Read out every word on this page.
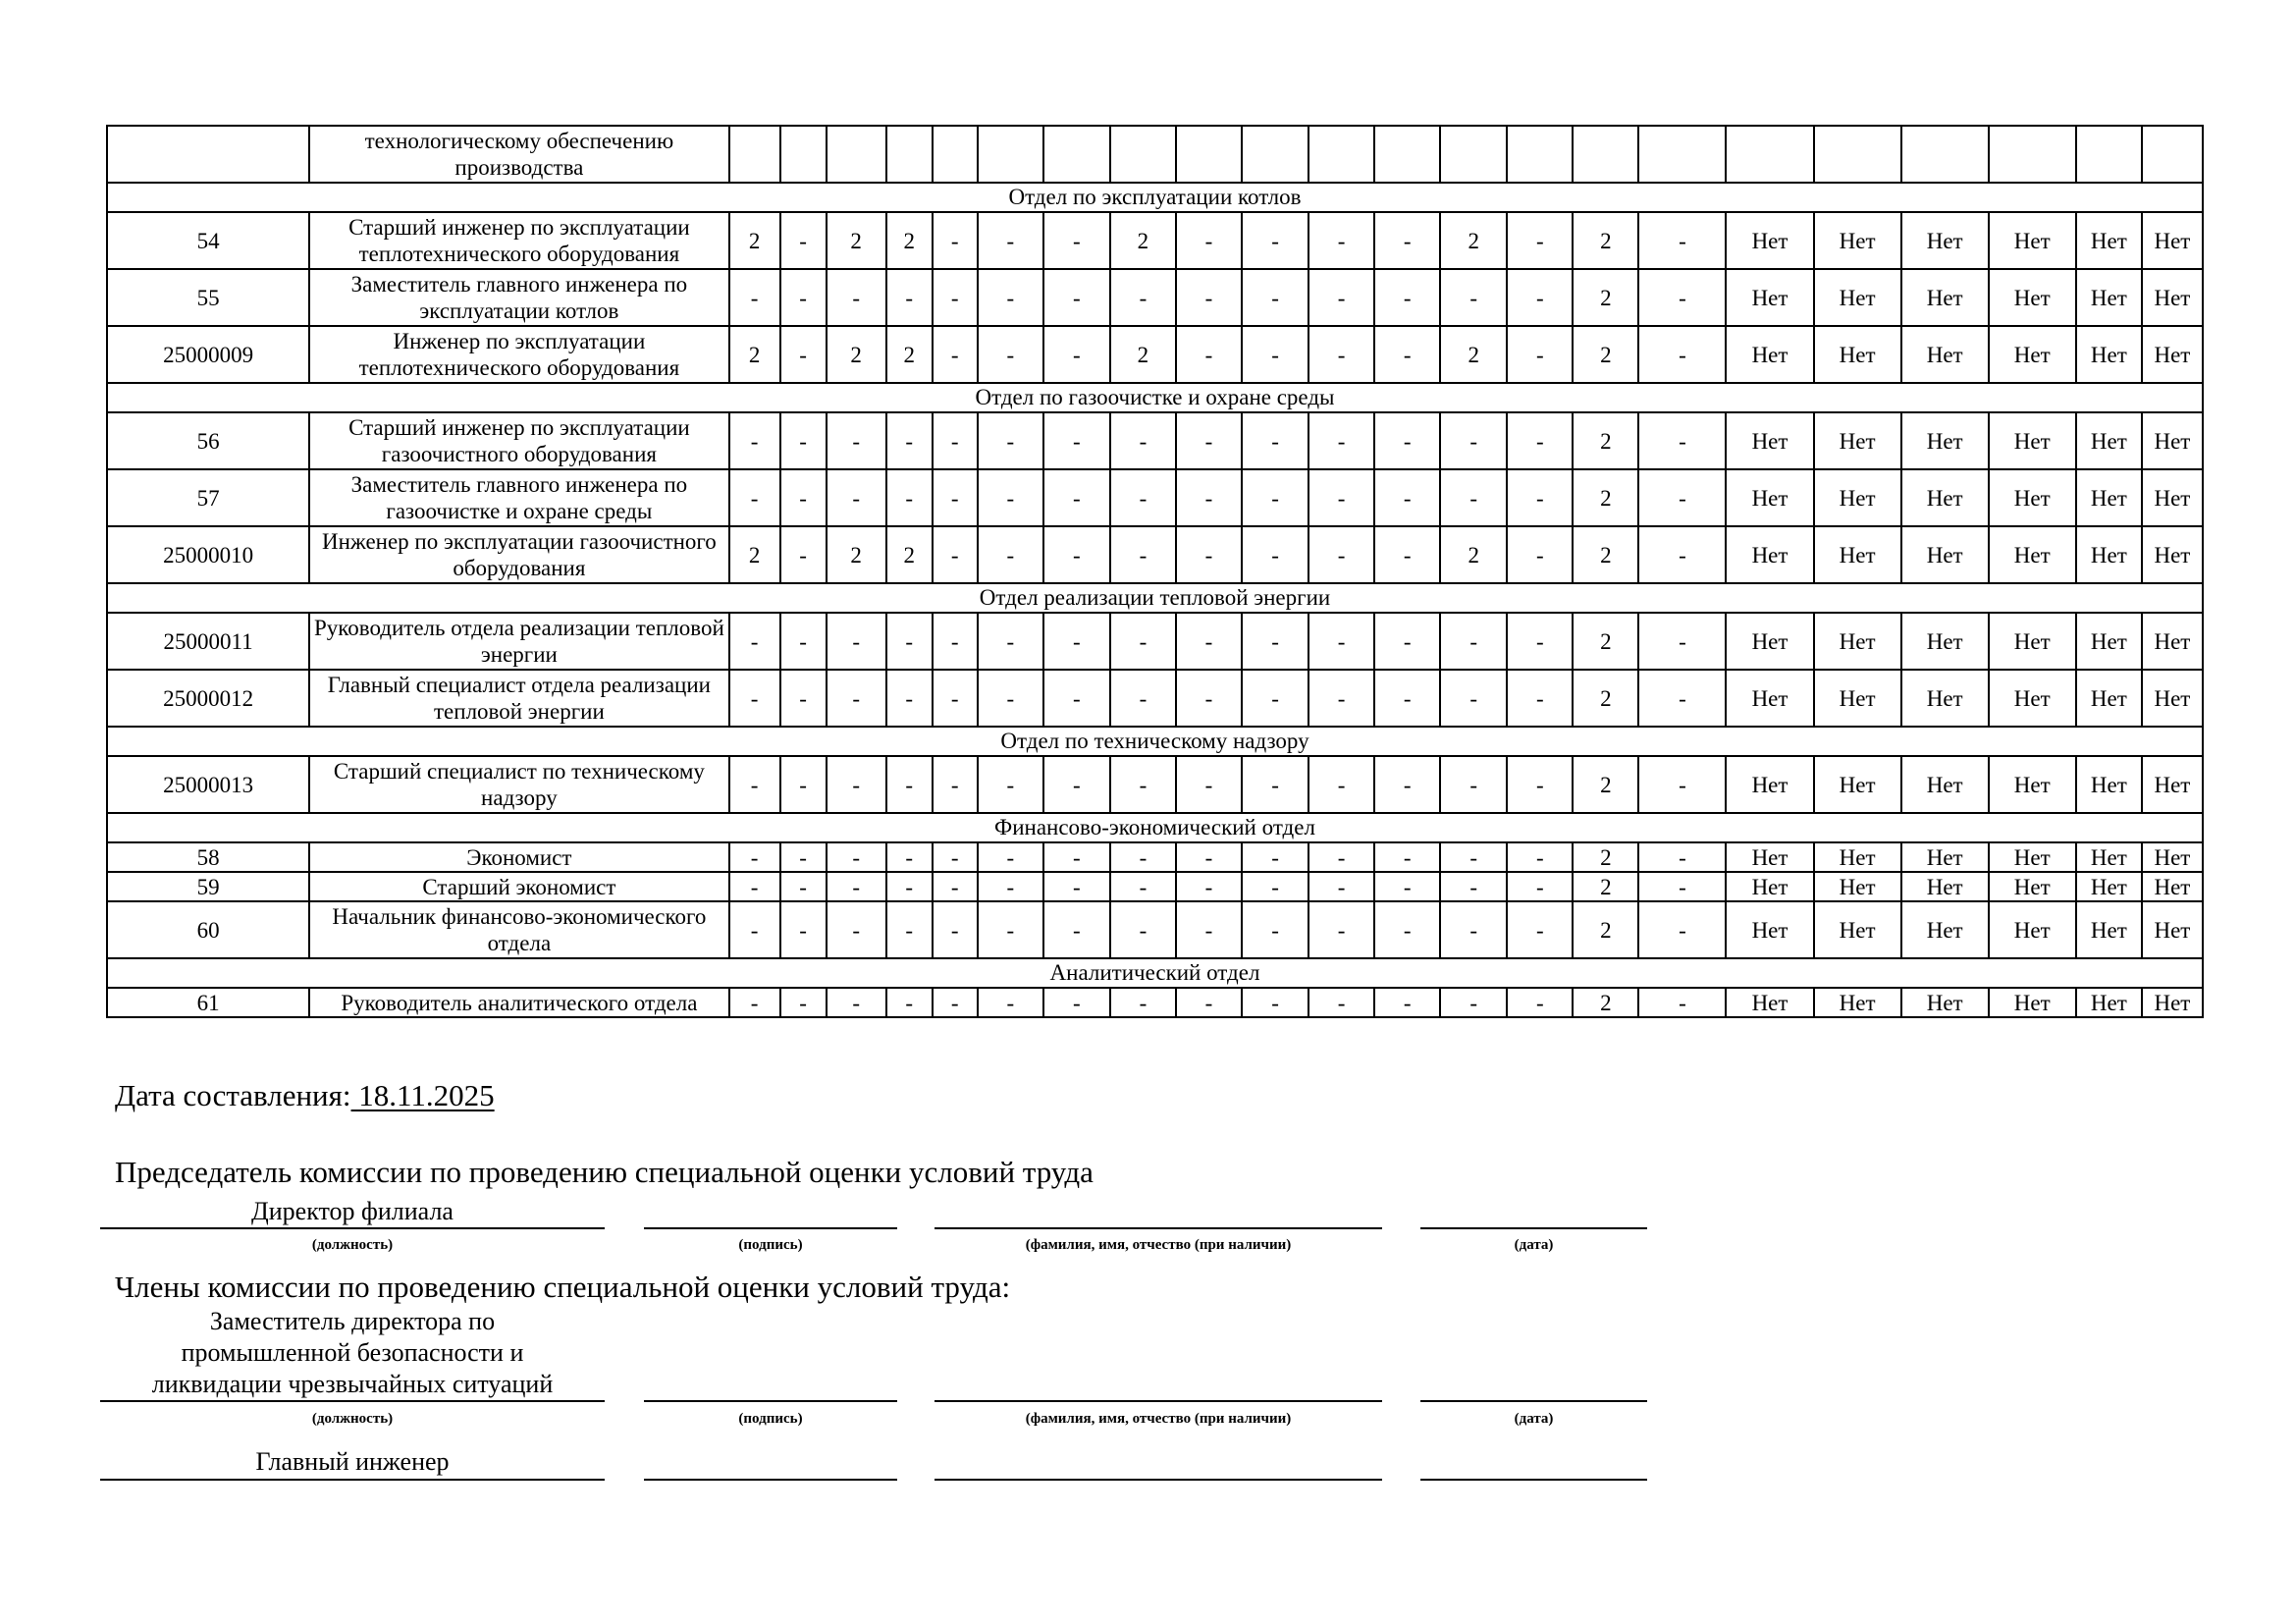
	технологическому обеспечению производства																						
Отдел по эксплуатации котлов																							
54	Старший инженер по эксплуатации теплотехнического оборудования	2	-	2	2	-	-	-	2	-	-	-	-	2	-	2	-	Нет	Нет	Нет	Нет	Нет	Нет
55	Заместитель главного инженера по эксплуатации котлов	-	-	-	-	-	-	-	-	-	-	-	-	-	-	2	-	Нет	Нет	Нет	Нет	Нет	Нет
25000009	Инженер по эксплуатации теплотехнического оборудования	2	-	2	2	-	-	-	2	-	-	-	-	2	-	2	-	Нет	Нет	Нет	Нет	Нет	Нет
Отдел по газоочистке и охране среды																							
56	Старший инженер по эксплуатации газоочистного оборудования	-	-	-	-	-	-	-	-	-	-	-	-	-	-	2	-	Нет	Нет	Нет	Нет	Нет	Нет
57	Заместитель главного инженера по газоочистке и охране среды	-	-	-	-	-	-	-	-	-	-	-	-	-	-	2	-	Нет	Нет	Нет	Нет	Нет	Нет
25000010	Инженер по эксплуатации газоочистного оборудования	2	-	2	2	-	-	-	-	-	-	-	-	2	-	2	-	Нет	Нет	Нет	Нет	Нет	Нет
Отдел реализации тепловой энергии																							
25000011	Руководитель отдела реализации тепловой энергии	-	-	-	-	-	-	-	-	-	-	-	-	-	-	2	-	Нет	Нет	Нет	Нет	Нет	Нет
25000012	Главный специалист отдела реализации тепловой энергии	-	-	-	-	-	-	-	-	-	-	-	-	-	-	2	-	Нет	Нет	Нет	Нет	Нет	Нет
Отдел по техническому надзору																							
25000013	Старший специалист по техническому надзору	-	-	-	-	-	-	-	-	-	-	-	-	-	-	2	-	Нет	Нет	Нет	Нет	Нет	Нет
Финансово-экономический отдел																							
58	Экономист	-	-	-	-	-	-	-	-	-	-	-	-	-	-	2	-	Нет	Нет	Нет	Нет	Нет	Нет
59	Старший экономист	-	-	-	-	-	-	-	-	-	-	-	-	-	-	2	-	Нет	Нет	Нет	Нет	Нет	Нет
60	Начальник финансово-экономического отдела	-	-	-	-	-	-	-	-	-	-	-	-	-	-	2	-	Нет	Нет	Нет	Нет	Нет	Нет
Аналитический отдел																							
61	Руководитель аналитического отдела	-	-	-	-	-	-	-	-	-	-	-	-	-	-	2	-	Нет	Нет	Нет	Нет	Нет	Нет
Дата составления: 18.11.2025
Председатель комиссии по проведению специальной оценки условий труда
Директор филиала
(должность)	(подпись)	(фамилия, имя, отчество (при наличии)	(дата)
Члены комиссии по проведению специальной оценки условий труда:
Заместитель директора по
промышленной безопасности и
ликвидации чрезвычайных ситуаций
(должность)	(подпись)	(фамилия, имя, отчество (при наличии)	(дата)
Главный инженер
